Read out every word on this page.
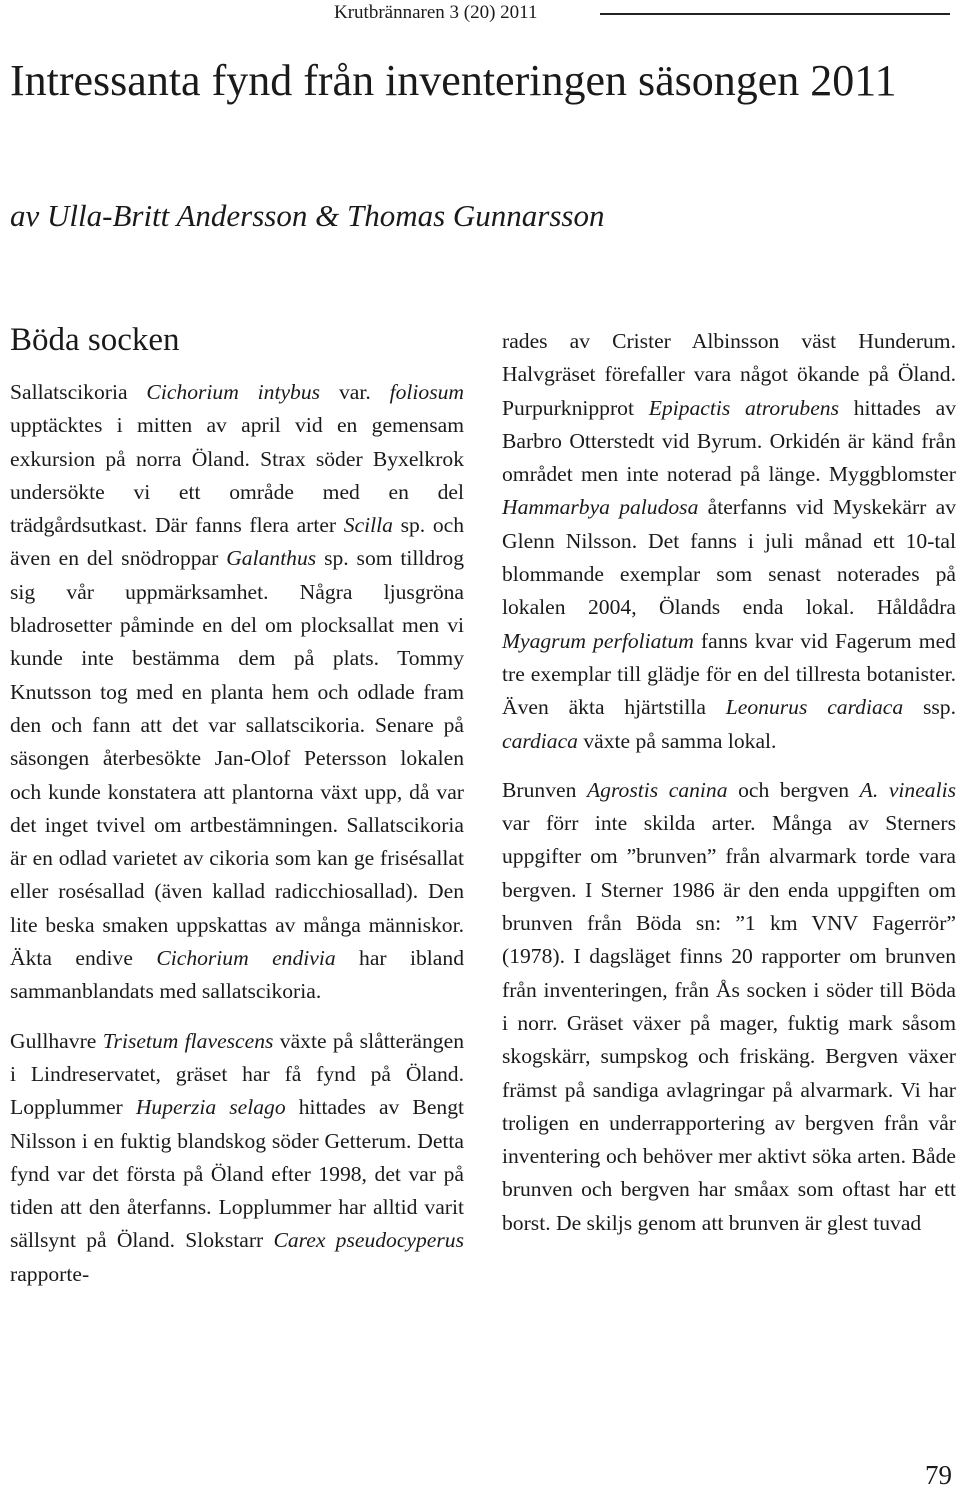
Krutbrännaren 3 (20) 2011
Intressanta fynd från inventeringen säsongen 2011
av Ulla-Britt Andersson & Thomas Gunnarsson
Böda socken

Sallatscikoria Cichorium intybus var. foliosum upptäcktes i mitten av april vid en gemensam exkursion på norra Öland. Strax söder Byxelkrok undersökte vi ett område med en del trädgårdsutkast. Där fanns flera arter Scilla sp. och även en del snödroppar Galanthus sp. som tilldrog sig vår uppmärksamhet. Några ljusgröna bladrosetter påminde en del om plocksallat men vi kunde inte bestämma dem på plats. Tommy Knutsson tog med en planta hem och odlade fram den och fann att det var sallatscikoria. Senare på säsongen återbesökte Jan-Olof Petersson lokalen och kunde konstatera att plantorna växt upp, då var det inget tvivel om artbestämningen. Sallatscikoria är en odlad varietet av cikoria som kan ge frisésallat eller rosésallad (även kallad radicchiosallad). Den lite beska smaken uppskattas av många människor. Äkta endive Cichorium endivia har ibland sammanblandats med sallatscikoria.

Gullhavre Trisetum flavescens växte på slåtterängen i Lindreservatet, gräset har få fynd på Öland. Lopplummer Huperzia selago hittades av Bengt Nilsson i en fuktig blandskog söder Getterum. Detta fynd var det första på Öland efter 1998, det var på tiden att den återfanns. Lopplummer har alltid varit sällsynt på Öland. Slokstarr Carex pseudocyperus rapporte-

rades av Crister Albinsson väst Hunderum. Halvgräset förefaller vara något ökande på Öland. Purpurknipprot Epipactis atrorubens hittades av Barbro Otterstedt vid Byrum. Orkidén är känd från området men inte noterad på länge. Myggblomster Hammarbya paludosa återfanns vid Myskekärr av Glenn Nilsson. Det fanns i juli månad ett 10-tal blommande exemplar som senast noterades på lokalen 2004, Ölands enda lokal. Håldådra Myagrum perfoliatum fanns kvar vid Fagerum med tre exemplar till glädje för en del tillresta botanister. Även äkta hjärtstilla Leonurus cardiaca ssp. cardiaca växte på samma lokal.

Brunven Agrostis canina och bergven A. vinealis var förr inte skilda arter. Många av Sterners uppgifter om ”brunven” från alvarmark torde vara bergven. I Sterner 1986 är den enda uppgiften om brunven från Böda sn: ”1 km VNV Fagerrör” (1978). I dagsläget finns 20 rapporter om brunven från inventeringen, från Ås socken i söder till Böda i norr. Gräset växer på mager, fuktig mark såsom skogskärr, sumpskog och friskäng. Bergven växer främst på sandiga avlagringar på alvarmark. Vi har troligen en underrapportering av bergven från vår inventering och behöver mer aktivt söka arten. Både brunven och bergven har småax som oftast har ett borst. De skiljs genom att brunven är glest tuvad

79
